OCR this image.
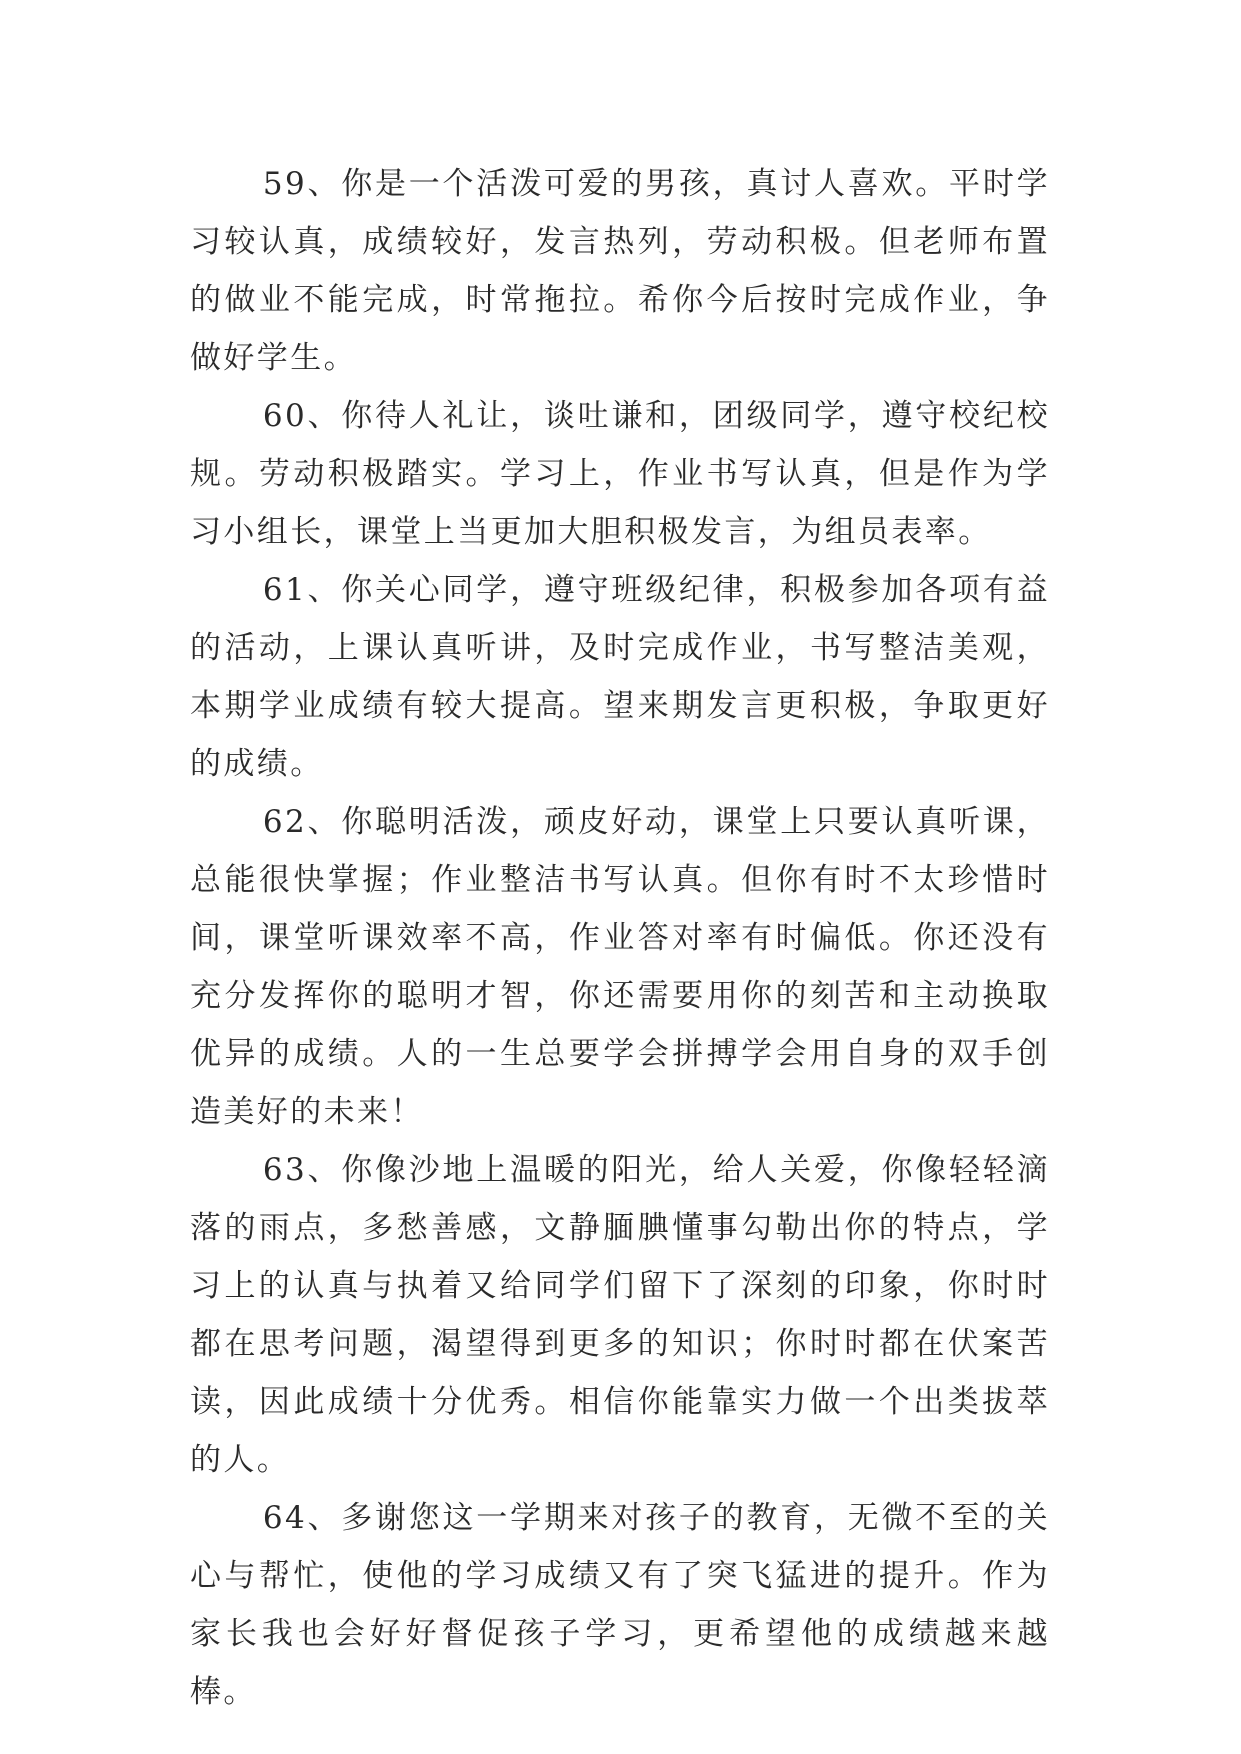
59、你是一个活泼可爱的男孩，真讨人喜欢。平时学习较认真，成绩较好，发言热列，劳动积极。但老师布置的做业不能完成，时常拖拉。希你今后按时完成作业，争做好学生。

60、你待人礼让，谈吐谦和，团级同学，遵守校纪校规。劳动积极踏实。学习上，作业书写认真，但是作为学习小组长，课堂上当更加大胆积极发言，为组员表率。

61、你关心同学，遵守班级纪律，积极参加各项有益的活动，上课认真听讲，及时完成作业，书写整洁美观，本期学业成绩有较大提高。望来期发言更积极，争取更好的成绩。

62、你聪明活泼，顽皮好动，课堂上只要认真听课，总能很快掌握；作业整洁书写认真。但你有时不太珍惜时间，课堂听课效率不高，作业答对率有时偏低。你还没有充分发挥你的聪明才智，你还需要用你的刻苦和主动换取优异的成绩。人的一生总要学会拼搏学会用自身的双手创造美好的未来！

63、你像沙地上温暖的阳光，给人关爱，你像轻轻滴落的雨点，多愁善感，文静腼腆懂事勾勒出你的特点，学习上的认真与执着又给同学们留下了深刻的印象，你时时都在思考问题，渴望得到更多的知识；你时时都在伏案苦读，因此成绩十分优秀。相信你能靠实力做一个出类拔萃的人。

64、多谢您这一学期来对孩子的教育，无微不至的关心与帮忙，使他的学习成绩又有了突飞猛进的提升。作为家长我也会好好督促孩子学习，更希望他的成绩越来越棒。
